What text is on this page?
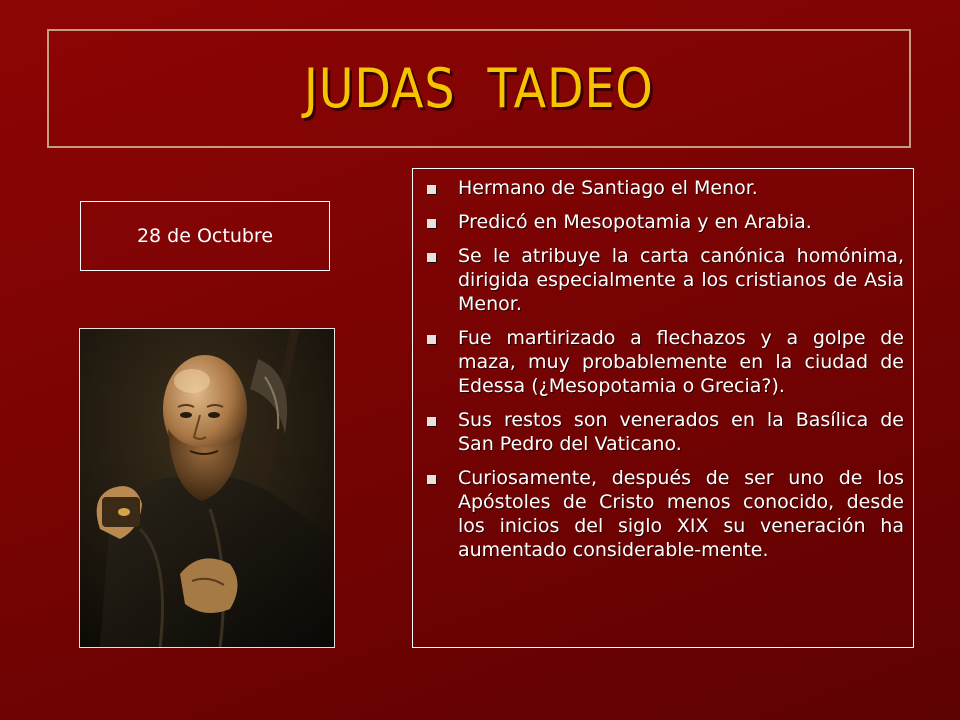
JUDAS  TADEO
28 de Octubre
Hermano de Santiago el Menor.
Predicó en Mesopotamia y en Arabia.
Se le atribuye la carta canónica homónima, dirigida especialmente a los cristianos de Asia Menor.
Fue martirizado a flechazos y a golpe de maza, muy probablemente en la ciudad de Edessa (¿Mesopotamia o Grecia?).
Sus restos son venerados en la Basílica de San Pedro del Vaticano.
Curiosamente, después de ser uno de los Apóstoles de Cristo menos conocido, desde los inicios del siglo XIX su veneración ha aumentado considerable-mente.
